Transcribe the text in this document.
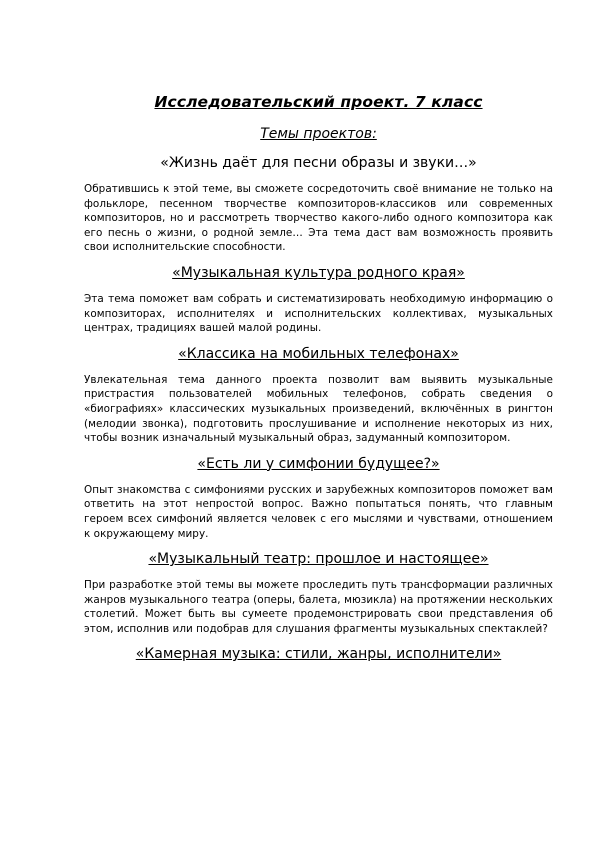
Исследовательский проект. 7 класс
Темы проектов:
«Жизнь даёт для песни образы и звуки…»
Обратившись к этой теме, вы сможете сосредоточить своё внимание не только на фольклоре, песенном творчестве композиторов-классиков или современных композиторов, но и рассмотреть творчество какого-либо одного композитора как его песнь о жизни, о родной земле… Эта тема даст вам возможность проявить свои исполнительские способности.
«Музыкальная культура родного края»
Эта тема поможет вам собрать и систематизировать необходимую информацию о композиторах, исполнителях и исполнительских коллективах, музыкальных центрах, традициях вашей малой родины.
«Классика на мобильных телефонах»
Увлекательная тема данного проекта позволит вам выявить музыкальные пристрастия пользователей мобильных телефонов, собрать сведения о «биографиях» классических музыкальных произведений, включённых в рингтон (мелодии звонка), подготовить прослушивание и исполнение некоторых из них, чтобы возник изначальный музыкальный образ, задуманный композитором.
«Есть ли у симфонии будущее?»
Опыт знакомства с симфониями русских и зарубежных композиторов поможет вам ответить на этот непростой вопрос. Важно попытаться понять, что главным героем всех симфоний является человек с его мыслями и чувствами, отношением к окружающему миру.
«Музыкальный театр: прошлое и настоящее»
При разработке этой темы вы можете проследить путь трансформации различных жанров музыкального театра (оперы, балета, мюзикла) на протяжении нескольких столетий. Может быть вы сумеете продемонстрировать свои представления об этом, исполнив или подобрав для слушания фрагменты музыкальных спектаклей?
«Камерная музыка: стили, жанры, исполнители»
